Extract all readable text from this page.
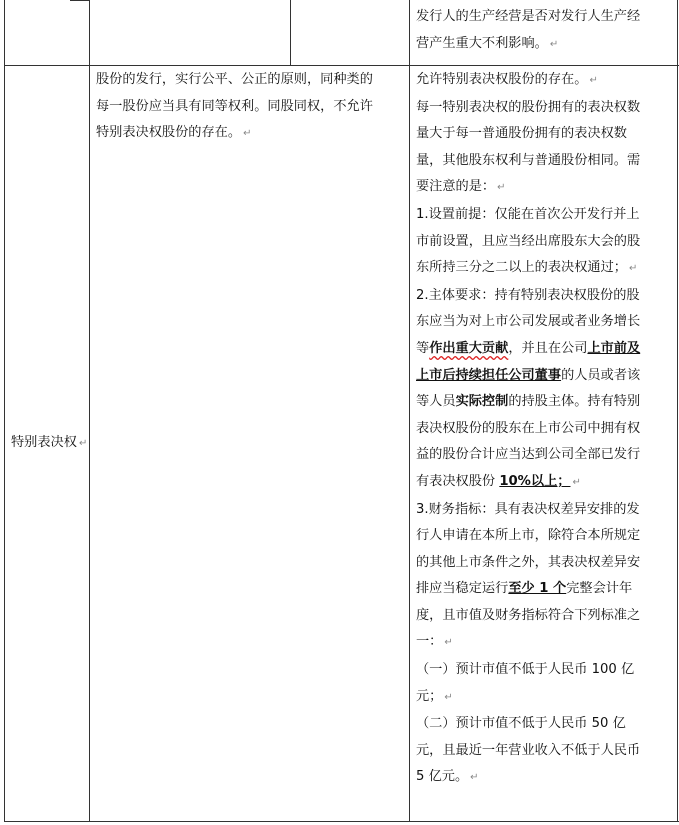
发行人的生产经营是否对发行人生产经
营产生重大不利影响。 ↵
特别表决权 ↵
股份的发行，实行公平、公正的原则，同种类的
每一股份应当具有同等权利。同股同权，不允许
特别表决权股份的存在。 ↵
允许特别表决权股份的存在。 ↵
每一特别表决权的股份拥有的表决权数
量大于每一普通股份拥有的表决权数
量，其他股东权利与普通股份相同。需
要注意的是： ↵
1.设置前提：仅能在首次公开发行并上
市前设置，且应当经出席股东大会的股
东所持三分之二以上的表决权通过； ↵
2.主体要求：持有特别表决权股份的股
东应当为对上市公司发展或者业务增长
等作出重大贡献，并且在公司上市前及
上市后持续担任公司董事的人员或者该
等人员实际控制的持股主体。持有特别
表决权股份的股东在上市公司中拥有权
益的股份合计应当达到公司全部已发行
有表决权股份 10%以上； ↵
3.财务指标：具有表决权差异安排的发
行人申请在本所上市，除符合本所规定
的其他上市条件之外，其表决权差异安
排应当稳定运行至少 1 个完整会计年
度，且市值及财务指标符合下列标准之
一： ↵
（一）预计市值不低于人民币 100 亿
元； ↵
（二）预计市值不低于人民币 50 亿
元，且最近一年营业收入不低于人民币
5 亿元。 ↵
